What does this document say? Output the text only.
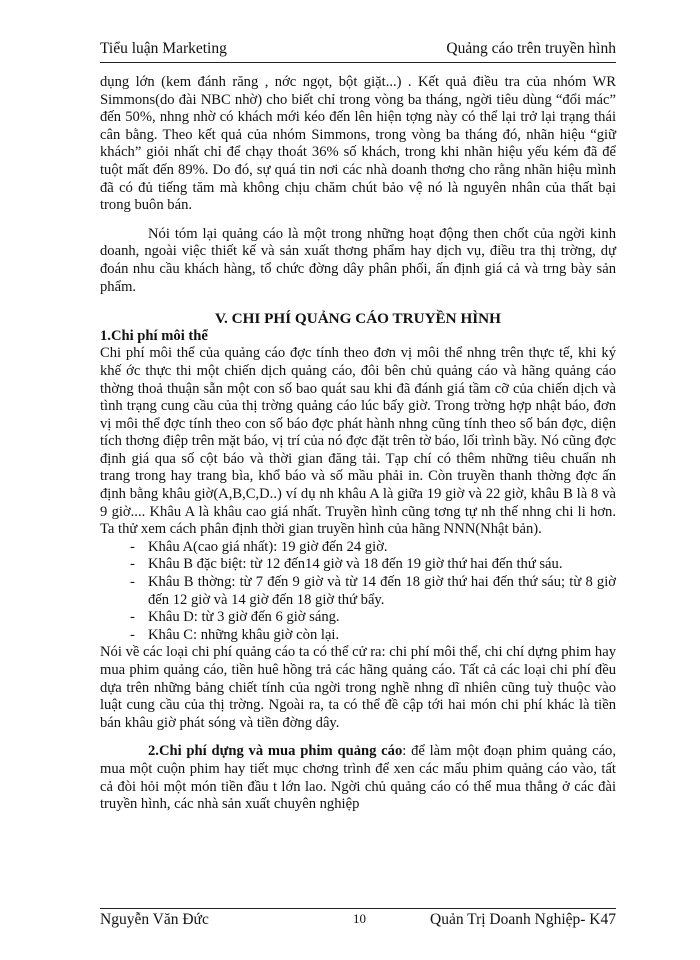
Tiểu luận Marketing	Quảng cáo trên truyền hình

dụng lớn (kem đánh răng , nớc ngọt, bột giặt...) . Kết quả điều tra của nhóm WR Simmons(do đài NBC nhờ) cho biết chỉ trong vòng ba tháng, ngời tiêu dùng “đổi mác” đến 50%, nhng nhờ có khách mới kéo đến lên hiện tợng này có thể lại trở lại trạng thái cân bằng. Theo kết quả của nhóm Simmons, trong vòng ba tháng đó, nhãn hiệu “giữ khách” giỏi nhất chỉ để chạy thoát 36% số khách, trong khi nhãn hiệu yếu kém đã để tuột mất đến 89%. Do đó, sự quá tin nơi các nhà doanh thơng cho rằng nhãn hiệu mình đã có đủ tiếng tăm mà không chịu chăm chút bảo vệ nó là nguyên nhân của thất bại trong buôn bán.

Nói tóm lại quảng cáo là một trong những hoạt động then chốt của ngời kinh doanh, ngoài việc thiết kế và sản xuất thơng phẩm hay dịch vụ, điều tra thị trờng, dự đoán nhu cầu khách hàng, tổ chức đờng dây phân phối, ấn định giá cả và trng bày sản phẩm.

V. CHI PHÍ QUẢNG CÁO TRUYỀN HÌNH

1.Chi phí môi thể

Chi phí môi thể của quảng cáo đợc tính theo đơn vị môi thể nhng trên thực tế, khi ký khế ớc thực thi một chiến dịch quảng cáo, đôi bên chủ quảng cáo và hãng quảng cáo thờng thoả thuận sẵn một con số bao quát sau khi đã đánh giá tầm cỡ của chiến dịch và tình trạng cung cầu của thị trờng quảng cáo lúc bấy giờ. Trong trờng hợp nhật báo, đơn vị môi thể đợc tính theo con số báo đợc phát hành nhng cũng tính theo số bán đợc, diện tích thơng điệp trên mặt báo, vị trí của nó đợc đặt trên tờ báo, lối trình bầy. Nó cũng đợc định giá qua số cột báo và thời gian đăng tải. Tạp chí có thêm những tiêu chuẩn nh trang trong hay trang bìa, khổ báo và số mầu phải in. Còn truyền thanh thờng đợc ấn định bằng khâu giờ(A,B,C,D..) ví dụ nh khâu A là giữa 19 giờ và 22 giờ, khâu B là 8 và 9 giờ.... Khâu A là khâu cao giá nhất. Truyền hình cũng tơng tự nh thế nhng chi li hơn. Ta thử xem cách phân định thời gian truyền hình của hãng NNN(Nhật bản).

- Khâu A(cao giá nhất): 19 giờ đến 24 giờ.
- Khâu B đặc biệt: từ 12 đến14 giờ và 18 đến 19 giờ thứ hai đến thứ sáu.
- Khâu B thờng: từ 7 đến 9 giờ và từ 14 đến 18 giờ thứ hai đến thứ sáu; từ 8 giờ đến 12 giờ và 14 giờ đến 18 giờ thứ bẩy.
- Khâu D: từ 3 giờ đến 6 giờ sáng.
- Khâu C: những khâu giờ còn lại.

Nói về các loại chi phí quảng cáo ta có thể cử ra: chi phí môi thể, chi chí dựng phim hay mua phim quảng cáo, tiền huê hồng trả các hãng quảng cáo. Tất cả các loại chi phí đều dựa trên những bảng chiết tính của ngời trong nghề nhng dĩ nhiên cũng tuỳ thuộc vào luật cung cầu của thị trờng. Ngoài ra, ta có thể đề cập tới hai món chi phí khác là tiền bán khâu giờ phát sóng và tiền đờng dây.

2.Chi phí dựng và mua phim quảng cáo: để làm một đoạn phim quảng cáo, mua một cuộn phim hay tiết mục chơng trình để xen các mẩu phim quảng cáo vào, tất cả đòi hỏi một món tiền đầu t lớn lao. Ngời chủ quảng cáo có thể mua thẳng ở các đài truyền hình, các nhà sản xuất chuyên nghiệp

Nguyễn Văn Đức	10	Quản Trị Doanh Nghiệp- K47
